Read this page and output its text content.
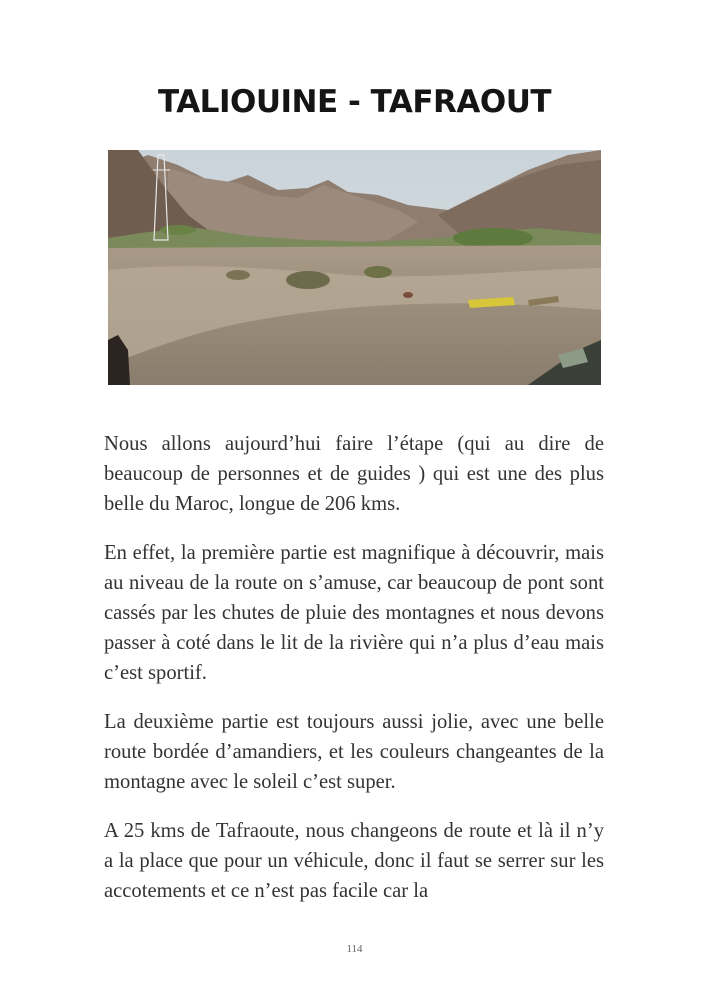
TALIOUINE - TAFRAOUT

Nous allons aujourd’hui faire l’étape (qui au dire de beaucoup de personnes et de guides ) qui est une des plus belle du Maroc, longue de 206 kms.

En effet, la première partie est magnifique à découvrir, mais au niveau de la route on s’amuse, car beaucoup de pont sont cassés par les chutes de pluie des montagnes et nous devons passer à coté dans le lit de la rivière qui n’a plus d’eau mais c’est sportif.

La deuxième partie est toujours aussi jolie, avec une belle route bordée d’amandiers, et les couleurs changeantes de la montagne avec le soleil c’est super.

A 25 kms de Tafraoute, nous changeons de route et là il n’y a la place que pour un véhicule, donc il faut se serrer sur les accotements et ce n’est pas facile car la

114
